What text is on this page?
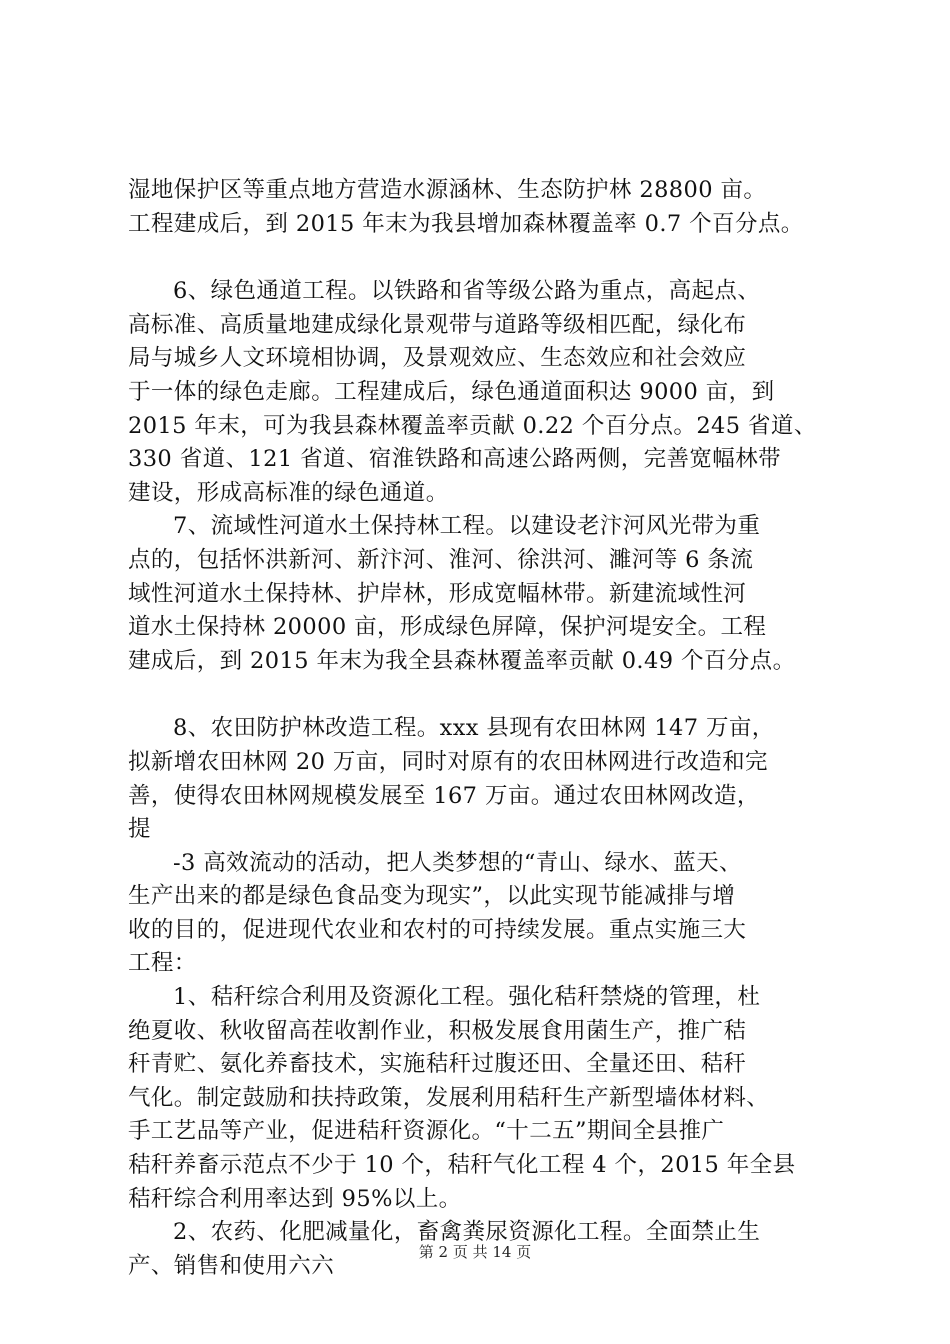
湿地保护区等重点地方营造水源涵林、生态防护林 28800 亩。
工程建成后，到 2015 年末为我县增加森林覆盖率 0.7 个百分点。

6、绿色通道工程。以铁路和省等级公路为重点，高起点、
高标准、高质量地建成绿化景观带与道路等级相匹配，绿化布
局与城乡人文环境相协调，及景观效应、生态效应和社会效应
于一体的绿色走廊。工程建成后，绿色通道面积达 9000 亩，到
2015 年末，可为我县森林覆盖率贡献 0.22 个百分点。245 省道、
330 省道、121 省道、宿淮铁路和高速公路两侧，完善宽幅林带
建设，形成高标准的绿色通道。

7、流域性河道水土保持林工程。以建设老汴河风光带为重
点的，包括怀洪新河、新汴河、淮河、徐洪河、濉河等 6 条流
域性河道水土保持林、护岸林，形成宽幅林带。新建流域性河
道水土保持林 20000 亩，形成绿色屏障，保护河堤安全。工程
建成后，到 2015 年末为我全县森林覆盖率贡献 0.49 个百分点。

8、农田防护林改造工程。xxx 县现有农田林网 147 万亩，
拟新增农田林网 20 万亩，同时对原有的农田林网进行改造和完
善，使得农田林网规模发展至 167 万亩。通过农田林网改造，
提

-3 高效流动的活动，把人类梦想的“青山、绿水、蓝天、
生产出来的都是绿色食品变为现实”，以此实现节能减排与增
收的目的，促进现代农业和农村的可持续发展。重点实施三大
工程：

1、秸秆综合利用及资源化工程。强化秸秆禁烧的管理，杜
绝夏收、秋收留高茬收割作业，积极发展食用菌生产，推广秸
秆青贮、氨化养畜技术，实施秸秆过腹还田、全量还田、秸秆
气化。制定鼓励和扶持政策，发展利用秸秆生产新型墙体材料、
手工艺品等产业，促进秸秆资源化。“十二五”期间全县推广
秸秆养畜示范点不少于 10 个，秸秆气化工程 4 个，2015 年全县
秸秆综合利用率达到 95%以上。

2、农药、化肥减量化，畜禽粪尿资源化工程。全面禁止生
产、销售和使用六六

第 2 页 共 14 页
